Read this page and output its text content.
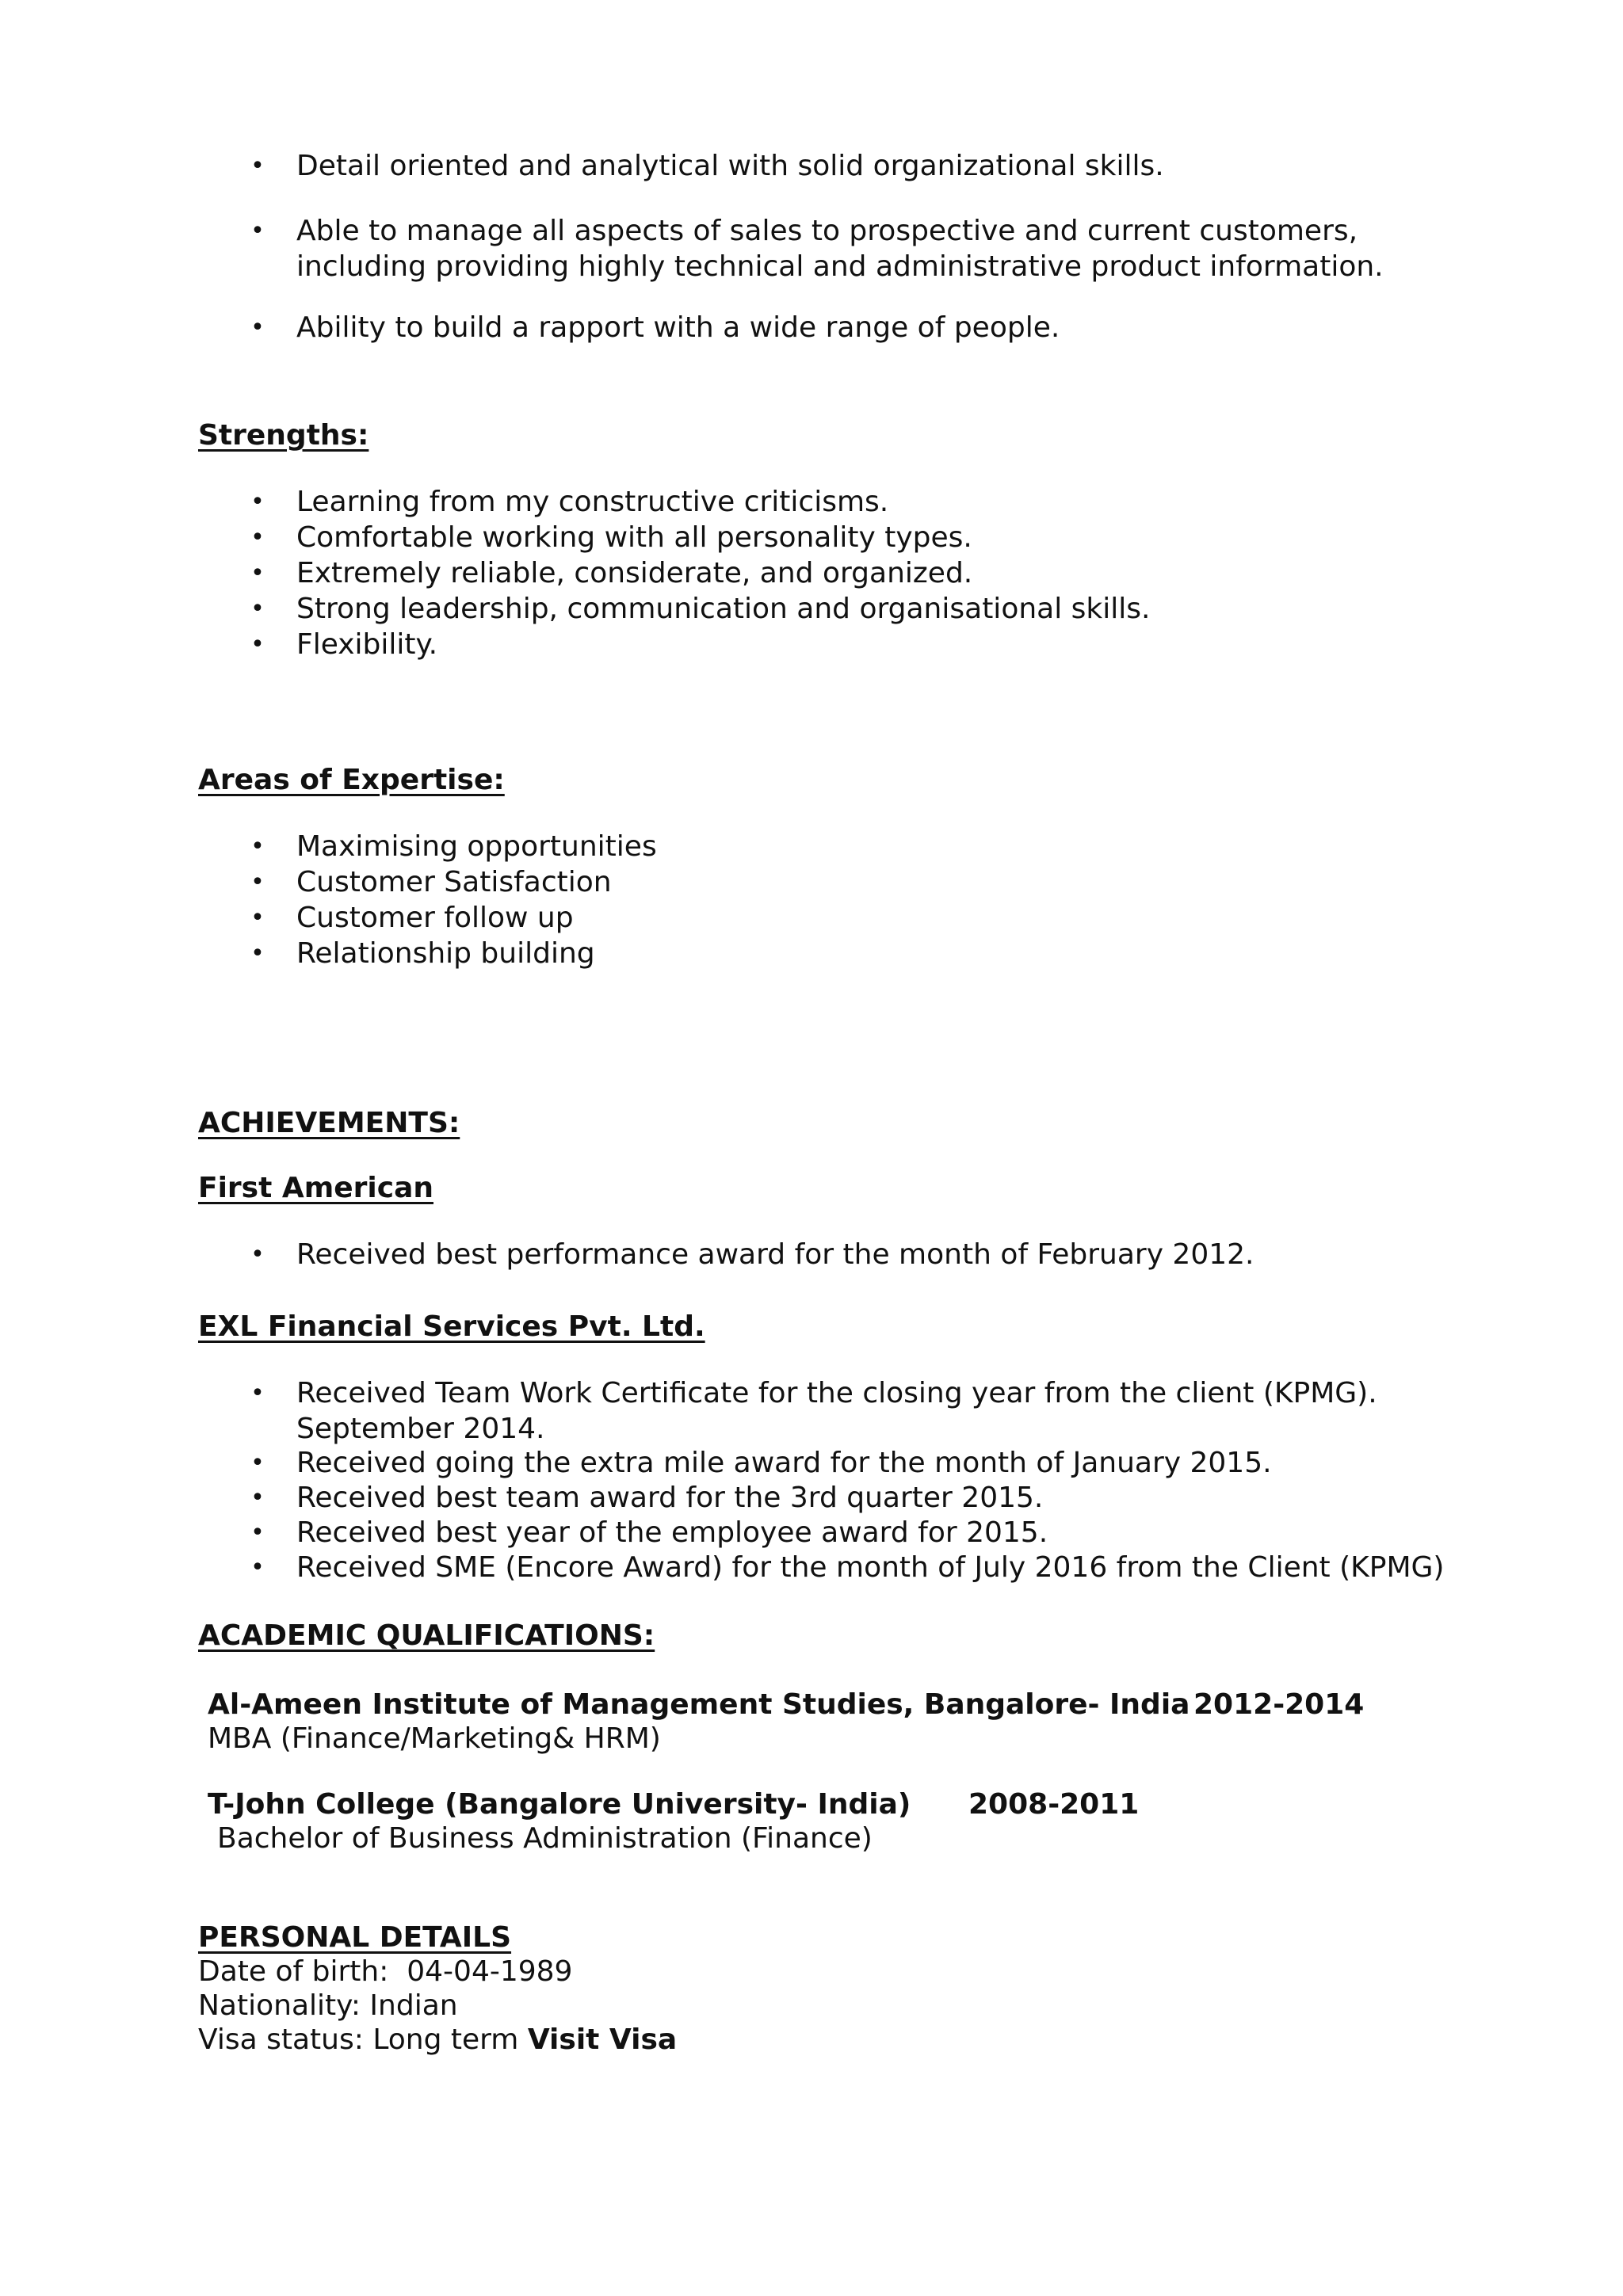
• Detail oriented and analytical with solid organizational skills.
• Able to manage all aspects of sales to prospective and current customers,
including providing highly technical and administrative product information.
• Ability to build a rapport with a wide range of people.
Strengths:
• Learning from my constructive criticisms.
• Comfortable working with all personality types.
• Extremely reliable, considerate, and organized.
• Strong leadership, communication and organisational skills.
• Flexibility.
Areas of Expertise:
• Maximising opportunities
• Customer Satisfaction
• Customer follow up
• Relationship building
ACHIEVEMENTS:
First American
• Received best performance award for the month of February 2012.
EXL Financial Services Pvt. Ltd.
• Received Team Work Certificate for the closing year from the client (KPMG).
September 2014.
• Received going the extra mile award for the month of January 2015.
• Received best team award for the 3rd quarter 2015.
• Received best year of the employee award for 2015.
• Received SME (Encore Award) for the month of July 2016 from the Client (KPMG)
ACADEMIC QUALIFICATIONS:
Al-Ameen Institute of Management Studies, Bangalore- India 2012-2014
MBA (Finance/Marketing& HRM)
T-John College (Bangalore University- India) 2008-2011
Bachelor of Business Administration (Finance)
PERSONAL DETAILS
Date of birth: 04-04-1989
Nationality: Indian
Visa status: Long term Visit Visa
